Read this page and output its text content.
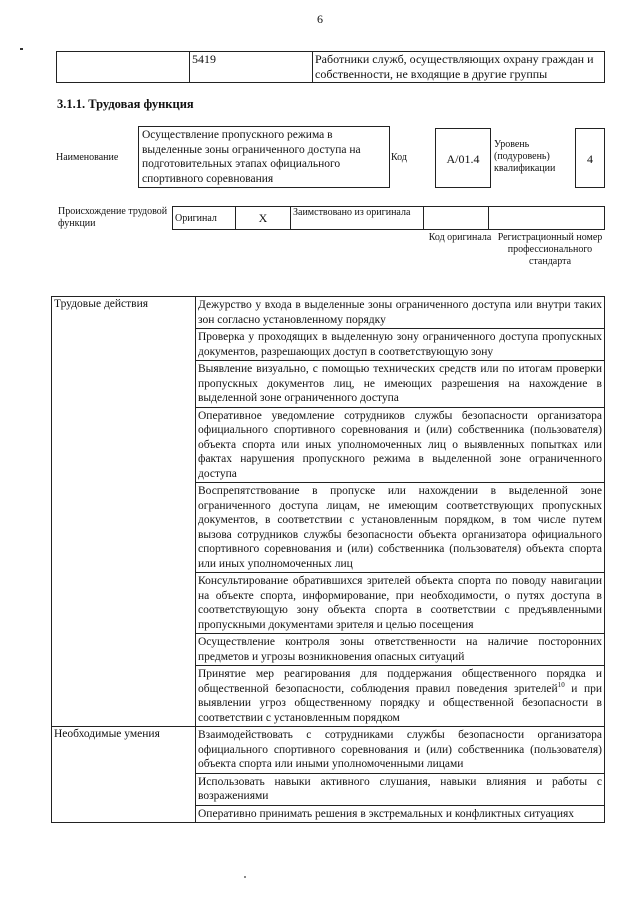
6
	5419	Работники служб, осуществляющих охрану граждан и собственности, не входящие в другие группы
3.1.1. Трудовая функция
Наименование
Осуществление пропускного режима в выделенные зоны ограниченного доступа на подготовительных этапах официального спортивного соревнования
Код	А/01.4
Уровень (подуровень) квалификации
4
Происхождение трудовой функции	Оригинал	X	Заимствовано из оригинала		
Код оригинала Регистрационный номер профессионального стандарта
Трудовые действия	Дежурство у входа в выделенные зоны ограниченного доступа или внутри таких зон согласно установленному порядку
	Проверка у проходящих в выделенную зону ограниченного доступа пропускных документов, разрешающих доступ в соответствующую зону
	Выявление визуально, с помощью технических средств или по итогам проверки пропускных документов лиц, не имеющих разрешения на нахождение в выделенной зоне ограниченного доступа
	Оперативное уведомление сотрудников службы безопасности организатора официального спортивного соревнования и (или) собственника (пользователя) объекта спорта или иных уполномоченных лиц о выявленных попытках или фактах нарушения пропускного режима в выделенной зоне ограниченного доступа
	Воспрепятствование в пропуске или нахождении в выделенной зоне ограниченного доступа лицам, не имеющим соответствующих пропускных документов, в соответствии с установленным порядком, в том числе путем вызова сотрудников службы безопасности объекта организатора официального спортивного соревнования и (или) собственника (пользователя) объекта спорта или иных уполномоченных лиц
	Консультирование обратившихся зрителей объекта спорта по поводу навигации на объекте спорта, информирование, при необходимости, о путях доступа в соответствующую зону объекта спорта в соответствии с предъявленными пропускными документами зрителя и целью посещения
	Осуществление контроля зоны ответственности на наличие посторонних предметов и угрозы возникновения опасных ситуаций
	Принятие мер реагирования для поддержания общественного порядка и общественной безопасности, соблюдения правил поведения зрителей$^{10}$ и при выявлении угроз общественному порядку и общественной безопасности в соответствии с установленным порядком
Необходимые умения	Взаимодействовать с сотрудниками службы безопасности организатора официального спортивного соревнования и (или) собственника (пользователя) объекта спорта или иными уполномоченными лицами
	Использовать навыки активного слушания, навыки влияния и работы с возражениями
	Оперативно принимать решения в экстремальных и конфликтных ситуациях
